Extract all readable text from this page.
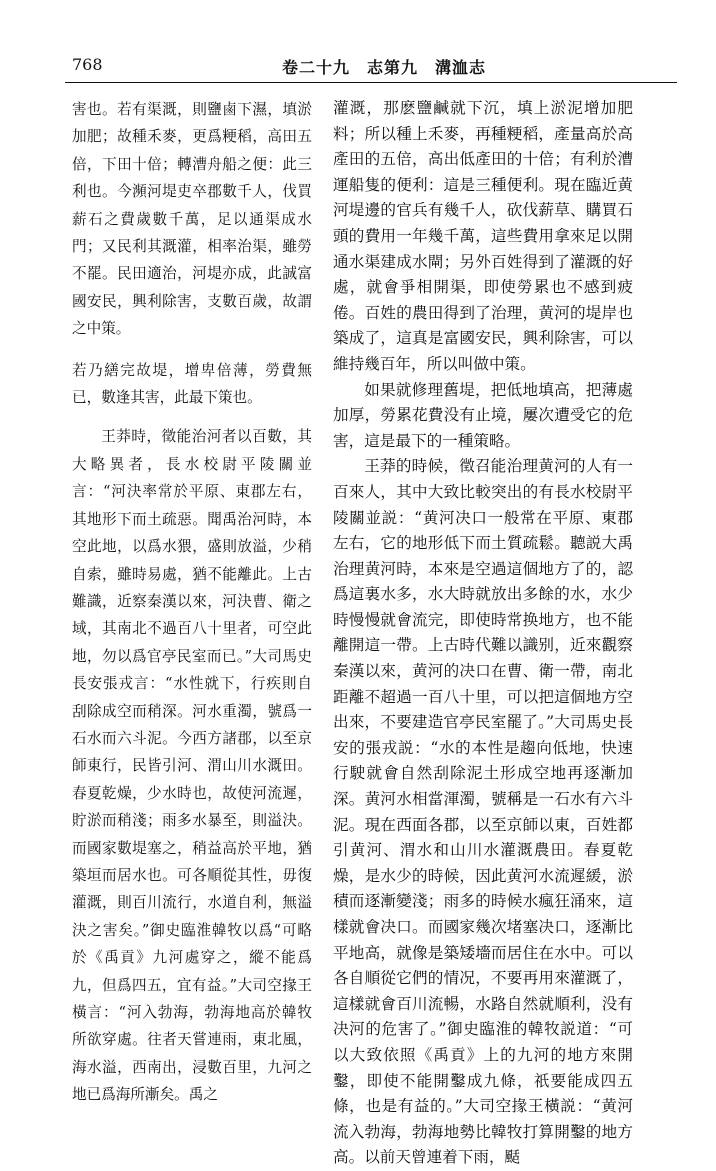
768	卷二十九　志第九　溝洫志

害也。若有渠溉，則鹽鹵下濕，填淤加肥；故種禾麥，更爲粳稻，高田五倍，下田十倍；轉漕舟船之便：此三利也。今瀕河堤吏卒郡數千人，伐買薪石之費歲數千萬，足以通渠成水門；又民利其溉灌，相率治渠，雖勞不罷。民田適治，河堤亦成，此誠富國安民，興利除害，支數百歲，故謂之中策。

若乃繕完故堤，增卑倍薄，勞費無已，數逢其害，此最下策也。

王莽時，徵能治河者以百數，其大略異者，長水校尉平陵關並言：“河決率常於平原、東郡左右，其地形下而土疏惡。聞禹治河時，本空此地，以爲水猥，盛則放溢，少稍自索，雖時易處，猶不能離此。上古難識，近察秦漢以來，河決曹、衛之域，其南北不過百八十里者，可空此地，勿以爲官亭民室而已。”大司馬史長安張戎言：“水性就下，行疾則自刮除成空而稍深。河水重濁，號爲一石水而六斗泥。今西方諸郡，以至京師東行，民皆引河、渭山川水溉田。春夏乾燥，少水時也，故使河流遲，貯淤而稍淺；雨多水暴至，則溢決。而國家數堤塞之，稍益高於平地，猶築垣而居水也。可各順從其性，毋復灌溉，則百川流行，水道自利，無溢決之害矣。”御史臨淮韓牧以爲“可略於《禹貢》九河處穿之，縱不能爲九，但爲四五，宜有益。”大司空掾王橫言：“河入勃海，勃海地高於韓牧所欲穿處。往者天嘗連雨，東北風，海水溢，西南出，浸數百里，九河之地已爲海所漸矣。禹之

灌溉，那麽鹽鹹就下沉，填上淤泥增加肥料；所以種上禾麥，再種粳稻，產量高於高產田的五倍，高出低產田的十倍；有利於漕運船隻的便利：這是三種便利。現在臨近黄河堤邊的官兵有幾千人，砍伐薪草、購買石頭的費用一年幾千萬，這些費用拿來足以開通水渠建成水閘；另外百姓得到了灌溉的好處，就會爭相開渠，即使勞累也不感到疲倦。百姓的農田得到了治理，黄河的堤岸也築成了，這真是富國安民，興利除害，可以維持幾百年，所以叫做中策。

如果就修理舊堤，把低地填高，把薄處加厚，勞累花費没有止境，屢次遭受它的危害，這是最下的一種策略。

王莽的時候，徵召能治理黄河的人有一百來人，其中大致比較突出的有長水校尉平陵關並説：“黄河决口一般常在平原、東郡左右，它的地形低下而土質疏鬆。聽説大禹治理黄河時，本來是空過這個地方了的，認爲這裏水多，水大時就放出多餘的水，水少時慢慢就會流完，即使時常换地方，也不能離開這一帶。上古時代難以識别，近來觀察秦漢以來，黄河的决口在曹、衛一帶，南北距離不超過一百八十里，可以把這個地方空出來，不要建造官亭民室罷了。”大司馬史長安的張戎説：“水的本性是趨向低地，快速行駛就會自然刮除泥土形成空地再逐漸加深。黄河水相當渾濁，號稱是一石水有六斗泥。現在西面各郡，以至京師以東，百姓都引黄河、渭水和山川水灌溉農田。春夏乾燥，是水少的時候，因此黄河水流遲緩，淤積而逐漸變淺；雨多的時候水瘋狂涌來，這樣就會决口。而國家幾次堵塞决口，逐漸比平地高，就像是築矮墻而居住在水中。可以各自順從它們的情况，不要再用來灌溉了，這樣就會百川流暢，水路自然就順利，没有决河的危害了。”御史臨淮的韓牧説道：“可以大致依照《禹貢》上的九河的地方來開鑿，即使不能開鑿成九條，祇要能成四五條，也是有益的。”大司空掾王橫説：“黄河流入勃海，勃海地勢比韓牧打算開鑿的地方高。以前天曾連着下雨，颳
